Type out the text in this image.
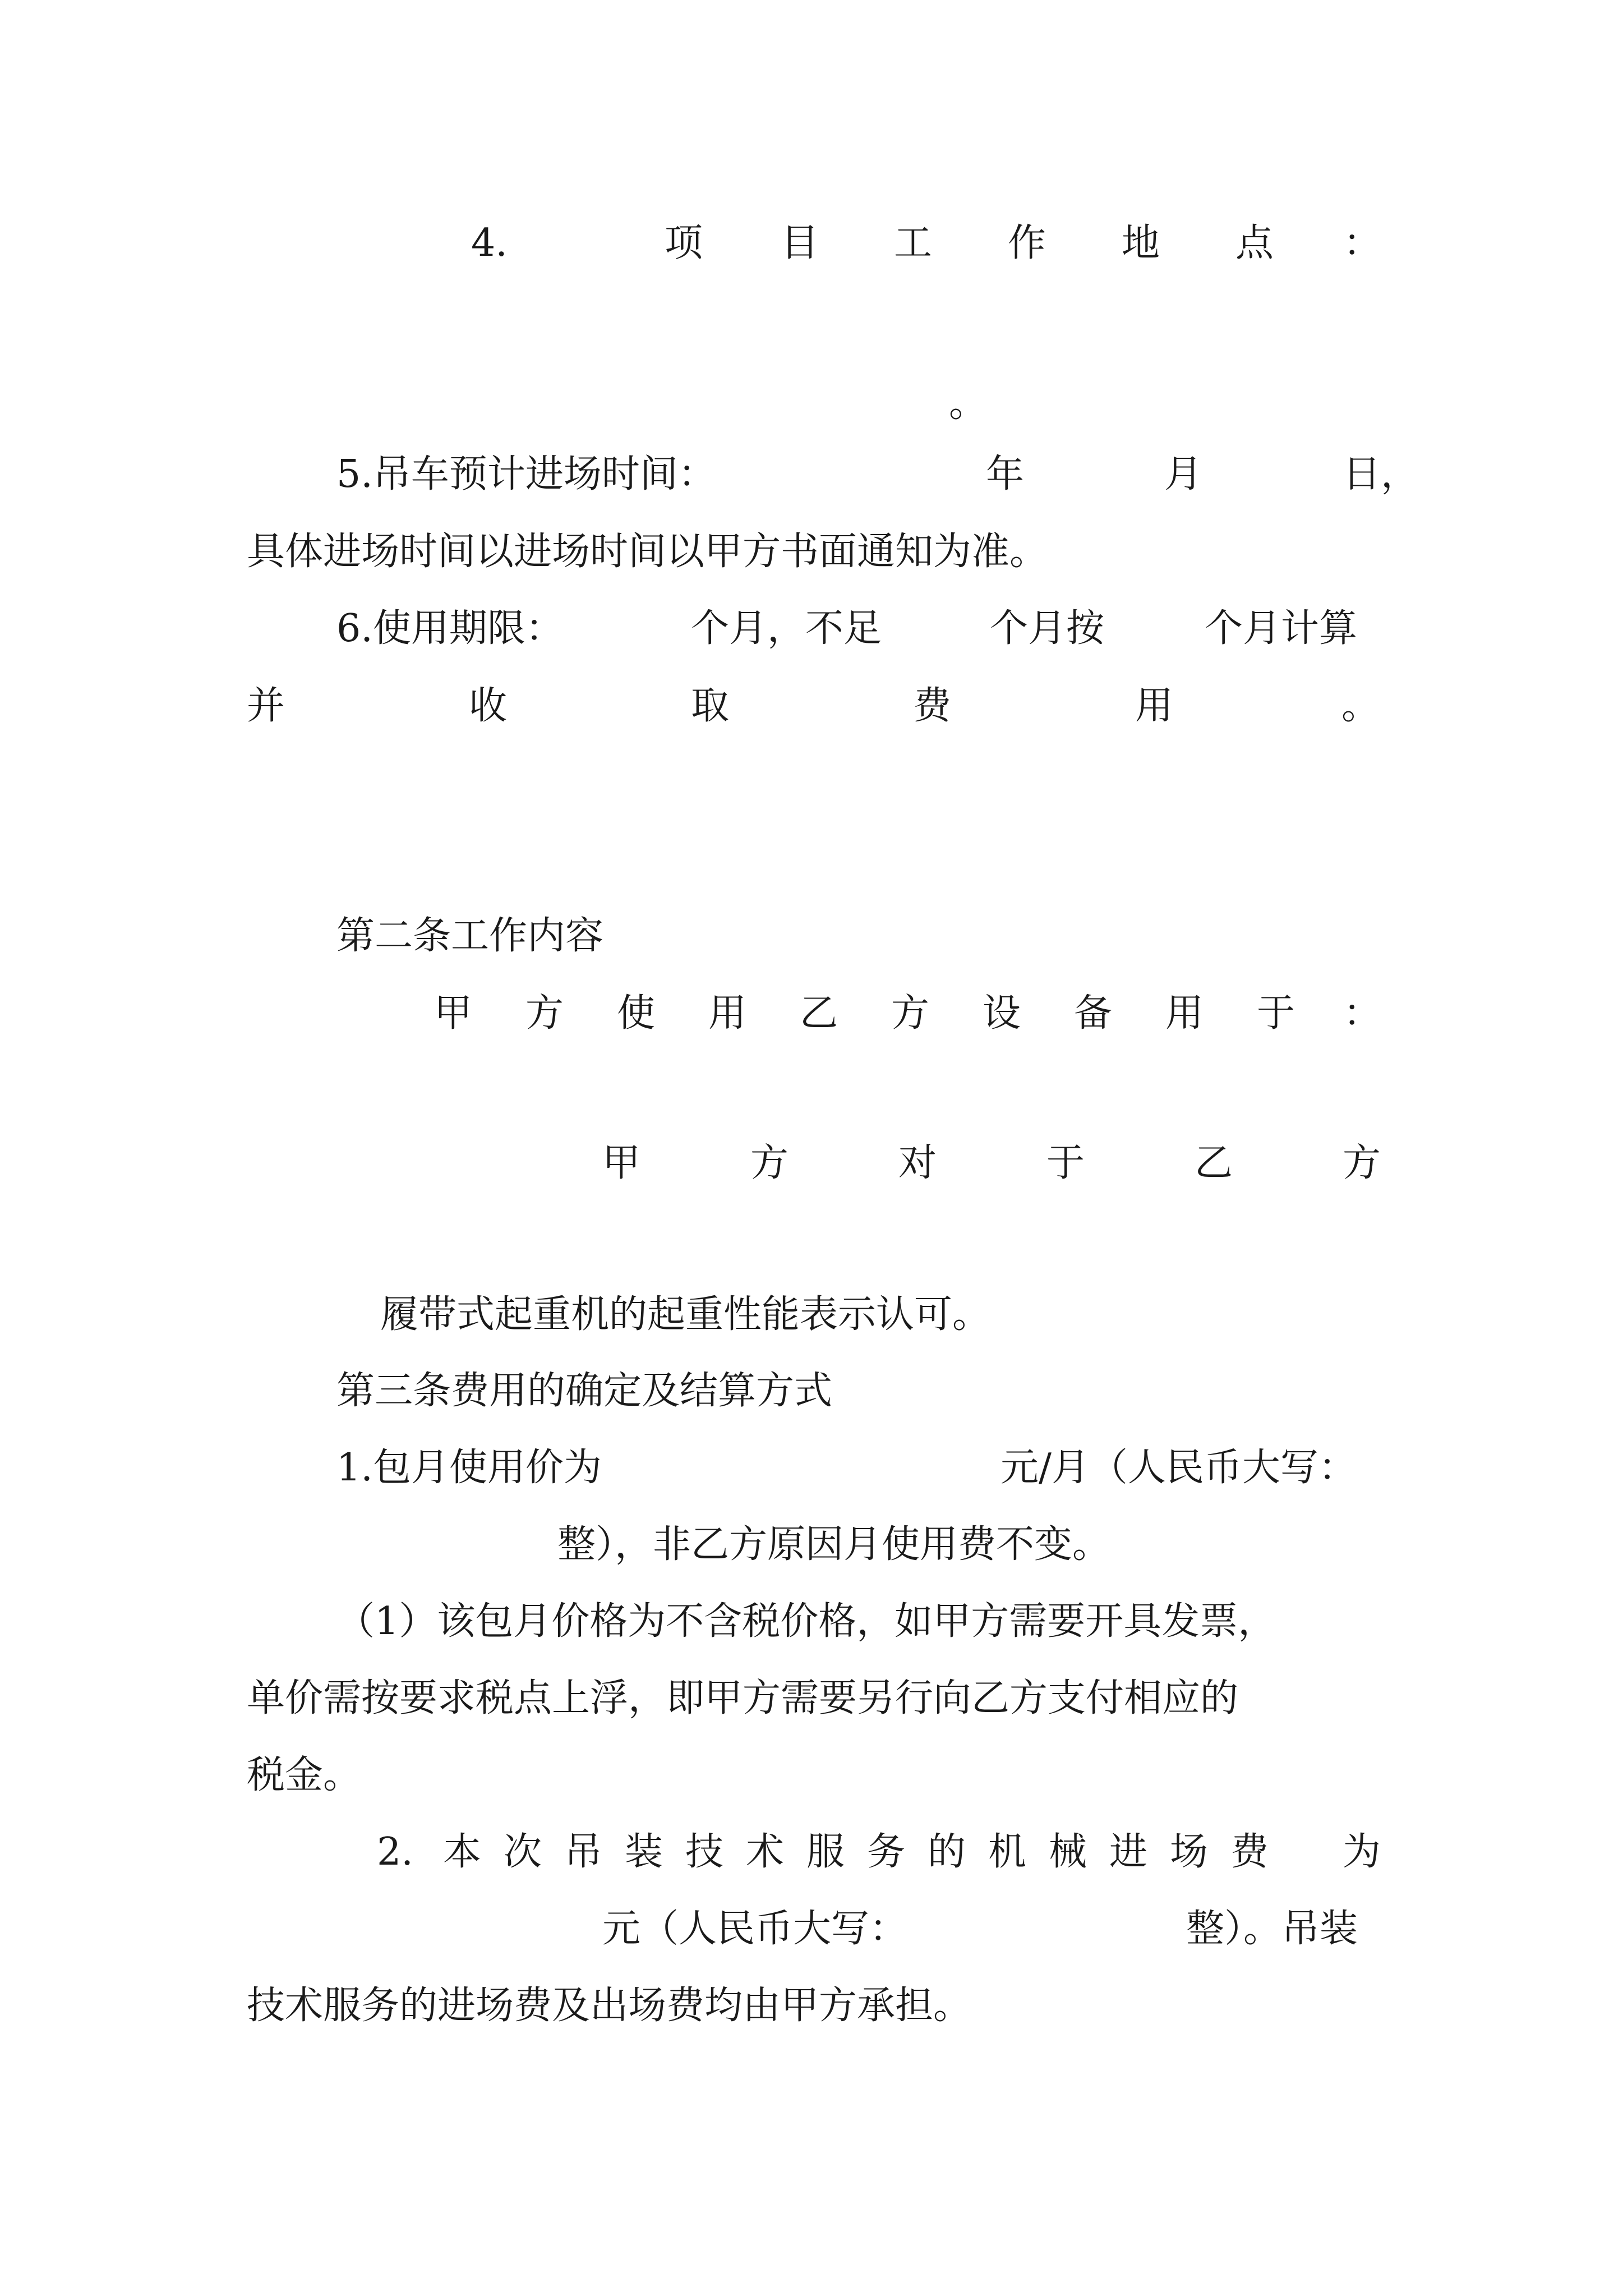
4.	项 目 工 作 地 点 ：
。
5.吊车预计进场时间：	年	月	日，
具体进场时间以进场时间以甲方书面通知为准。
6.使用期限：	个月，不足	个月按	个月计算
并	收	取	费	用	。
第二条工作内容
甲 方 使 用 乙 方 设 备 用 于 ：
甲	方	对	于	乙	方
履带式起重机的起重性能表示认可。
第三条费用的确定及结算方式
1.包月使用价为	元/月（人民币大写：
整），非乙方原因月使用费不变。
（1）该包月价格为不含税价格，如甲方需要开具发票，
单价需按要求税点上浮，即甲方需要另行向乙方支付相应的
税金。
2. 本 次 吊 装 技 术 服 务 的 机 械 进 场 费 为
元（人民币大写：	整）。吊装
技术服务的进场费及出场费均由甲方承担。
